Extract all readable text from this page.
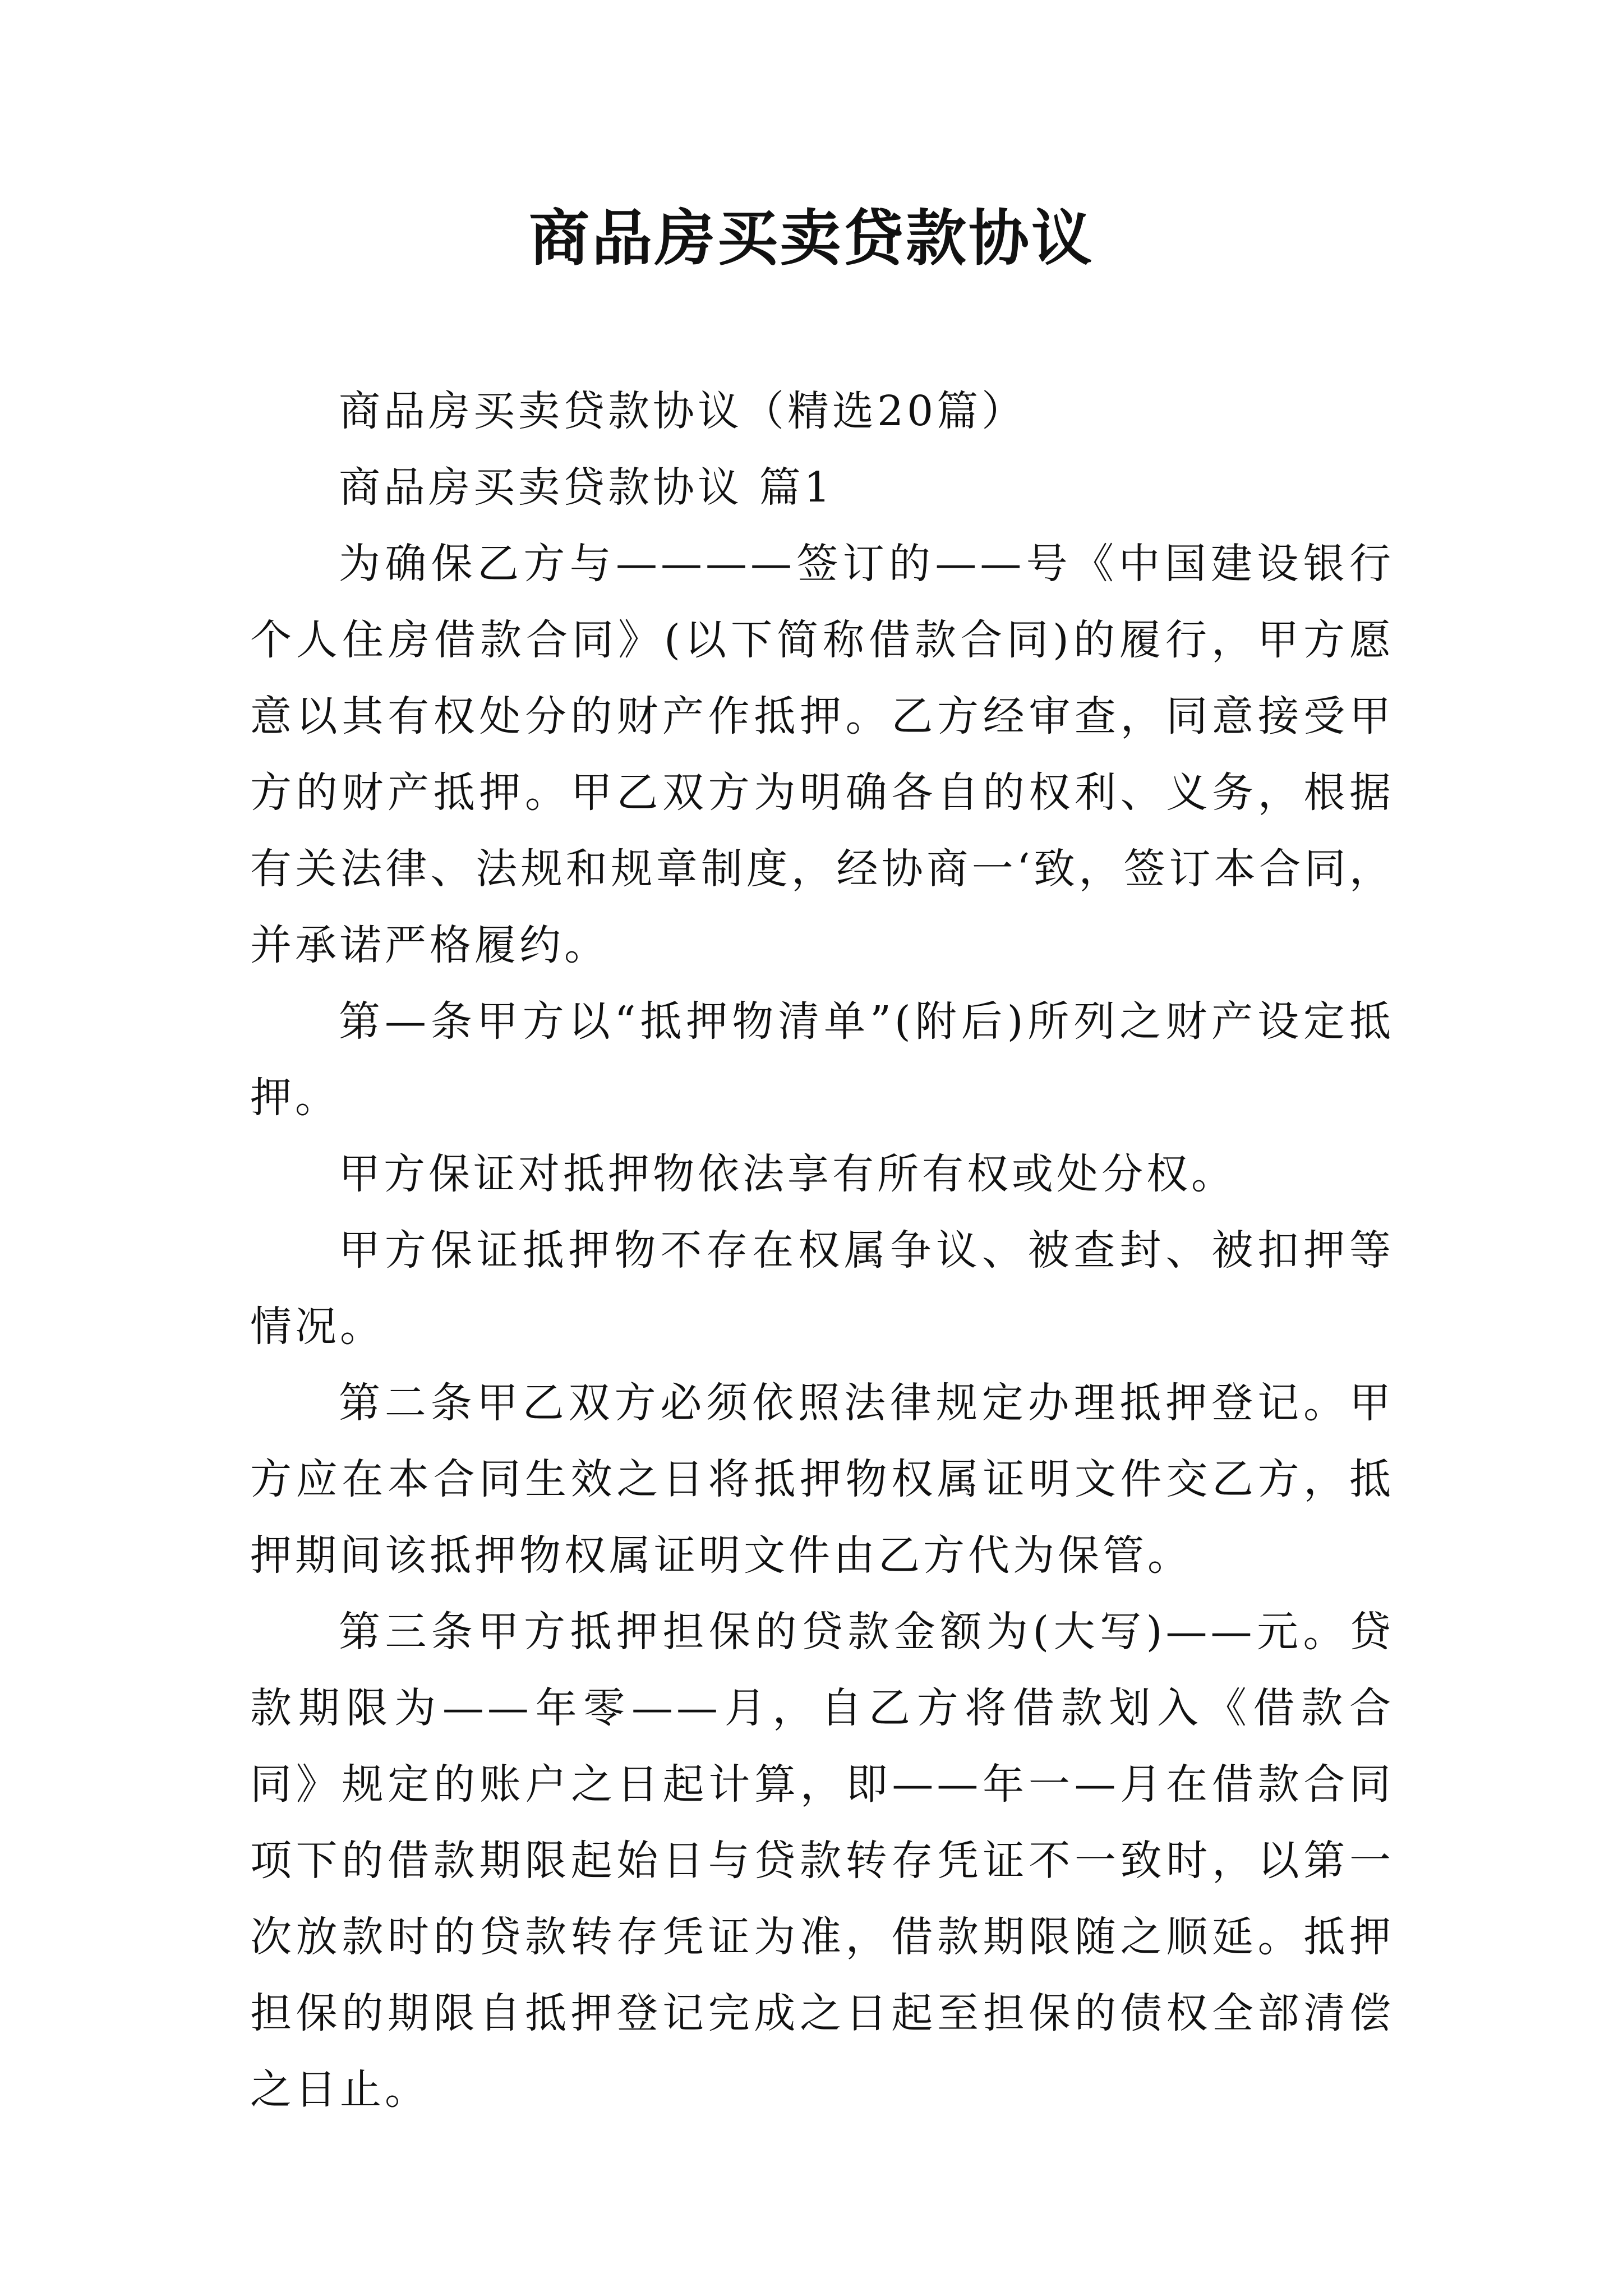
商品房买卖贷款协议

商品房买卖贷款协议（精选20篇）

商品房买卖贷款协议 篇1

为确保乙方与————签订的——号《中国建设银行个人住房借款合同》(以下简称借款合同)的履行，甲方愿意以其有权处分的财产作抵押。乙方经审查，同意接受甲方的财产抵押。甲乙双方为明确各自的权利、义务，根据有关法律、法规和规章制度，经协商一‘致，签订本合同，并承诺严格履约。

第—条甲方以“抵押物清单”(附后)所列之财产设定抵押。

甲方保证对抵押物依法享有所有权或处分权。

甲方保证抵押物不存在权属争议、被查封、被扣押等情况。

第二条甲乙双方必须依照法律规定办理抵押登记。甲方应在本合同生效之日将抵押物权属证明文件交乙方，抵押期间该抵押物权属证明文件由乙方代为保管。

第三条甲方抵押担保的贷款金额为(大写)——元。贷款期限为——年零——月，自乙方将借款划入《借款合同》规定的账户之日起计算，即——年一—月在借款合同项下的借款期限起始日与贷款转存凭证不一致时，以第一次放款时的贷款转存凭证为准，借款期限随之顺延。抵押担保的期限自抵押登记完成之日起至担保的债权全部清偿之日止。
